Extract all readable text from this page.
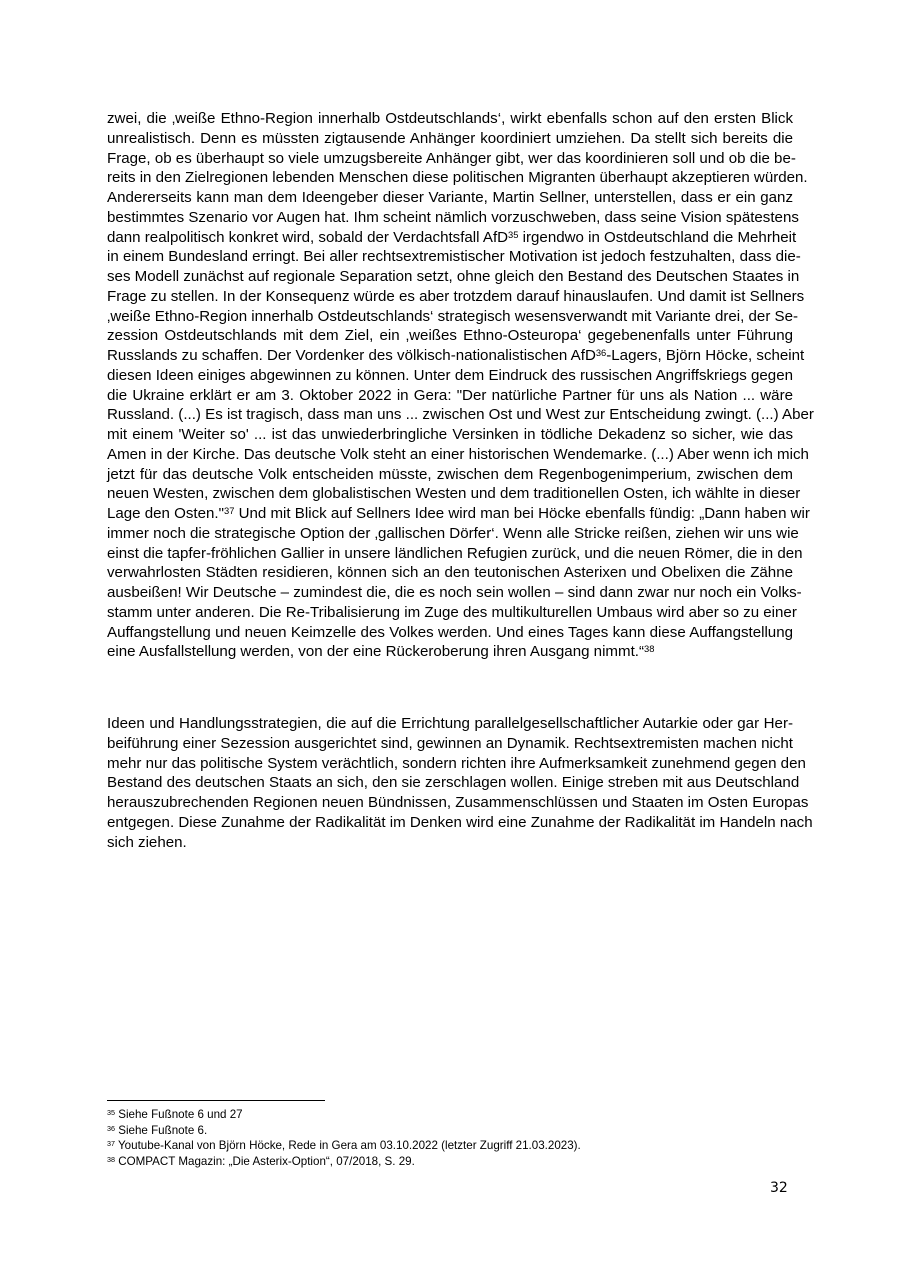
zwei, die ‚weiße Ethno-Region innerhalb Ostdeutschlands‘, wirkt ebenfalls schon auf den ersten Blick
unrealistisch. Denn es müssten zigtausende Anhänger koordiniert umziehen. Da stellt sich bereits die
Frage, ob es überhaupt so viele umzugsbereite Anhänger gibt, wer das koordinieren soll und ob die be-
reits in den Zielregionen lebenden Menschen diese politischen Migranten überhaupt akzeptieren würden.
Andererseits kann man dem Ideengeber dieser Variante, Martin Sellner, unterstellen, dass er ein ganz
bestimmtes Szenario vor Augen hat. Ihm scheint nämlich vorzuschweben, dass seine Vision spätestens
dann realpolitisch konkret wird, sobald der Verdachtsfall AfD$^{35}$ irgendwo in Ostdeutschland die Mehrheit
in einem Bundesland erringt. Bei aller rechtsextremistischer Motivation ist jedoch festzuhalten, dass die-
ses Modell zunächst auf regionale Separation setzt, ohne gleich den Bestand des Deutschen Staates in
Frage zu stellen. In der Konsequenz würde es aber trotzdem darauf hinauslaufen. Und damit ist Sellners
‚weiße Ethno-Region innerhalb Ostdeutschlands‘ strategisch wesensverwandt mit Variante drei, der Se-
zession Ostdeutschlands mit dem Ziel, ein ‚weißes Ethno-Osteuropa‘ gegebenenfalls unter Führung
Russlands zu schaffen. Der Vordenker des völkisch-nationalistischen AfD$^{36}$-Lagers, Björn Höcke, scheint
diesen Ideen einiges abgewinnen zu können. Unter dem Eindruck des russischen Angriffskriegs gegen
die Ukraine erklärt er am 3. Oktober 2022 in Gera: "Der natürliche Partner für uns als Nation ... wäre
Russland. (...) Es ist tragisch, dass man uns ... zwischen Ost und West zur Entscheidung zwingt. (...) Aber
mit einem 'Weiter so' ... ist das unwiederbringliche Versinken in tödliche Dekadenz so sicher, wie das
Amen in der Kirche. Das deutsche Volk steht an einer historischen Wendemarke. (...) Aber wenn ich mich
jetzt für das deutsche Volk entscheiden müsste, zwischen dem Regenbogenimperium, zwischen dem
neuen Westen, zwischen dem globalistischen Westen und dem traditionellen Osten, ich wählte in dieser
Lage den Osten."$^{37}$ Und mit Blick auf Sellners Idee wird man bei Höcke ebenfalls fündig: „Dann haben wir
immer noch die strategische Option der ‚gallischen Dörfer‘. Wenn alle Stricke reißen, ziehen wir uns wie
einst die tapfer-fröhlichen Gallier in unsere ländlichen Refugien zurück, und die neuen Römer, die in den
verwahrlosten Städten residieren, können sich an den teutonischen Asterixen und Obelixen die Zähne
ausbeißen! Wir Deutsche – zumindest die, die es noch sein wollen – sind dann zwar nur noch ein Volks-
stamm unter anderen. Die Re-Tribalisierung im Zuge des multikulturellen Umbaus wird aber so zu einer
Auffangstellung und neuen Keimzelle des Volkes werden. Und eines Tages kann diese Auffangstellung
eine Ausfallstellung werden, von der eine Rückeroberung ihren Ausgang nimmt.“$^{38}$
Ideen und Handlungsstrategien, die auf die Errichtung parallelgesellschaftlicher Autarkie oder gar Her-
beiführung einer Sezession ausgerichtet sind, gewinnen an Dynamik. Rechtsextremisten machen nicht
mehr nur das politische System verächtlich, sondern richten ihre Aufmerksamkeit zunehmend gegen den
Bestand des deutschen Staats an sich, den sie zerschlagen wollen. Einige streben mit aus Deutschland
herauszubrechenden Regionen neuen Bündnissen, Zusammenschlüssen und Staaten im Osten Europas
entgegen. Diese Zunahme der Radikalität im Denken wird eine Zunahme der Radikalität im Handeln nach
sich ziehen.
$^{35}$ Siehe Fußnote 6 und 27
$^{36}$ Siehe Fußnote 6.
$^{37}$ Youtube-Kanal von Björn Höcke, Rede in Gera am 03.10.2022 (letzter Zugriff 21.03.2023).
$^{38}$ COMPACT Magazin: „Die Asterix-Option“, 07/2018, S. 29.
32
